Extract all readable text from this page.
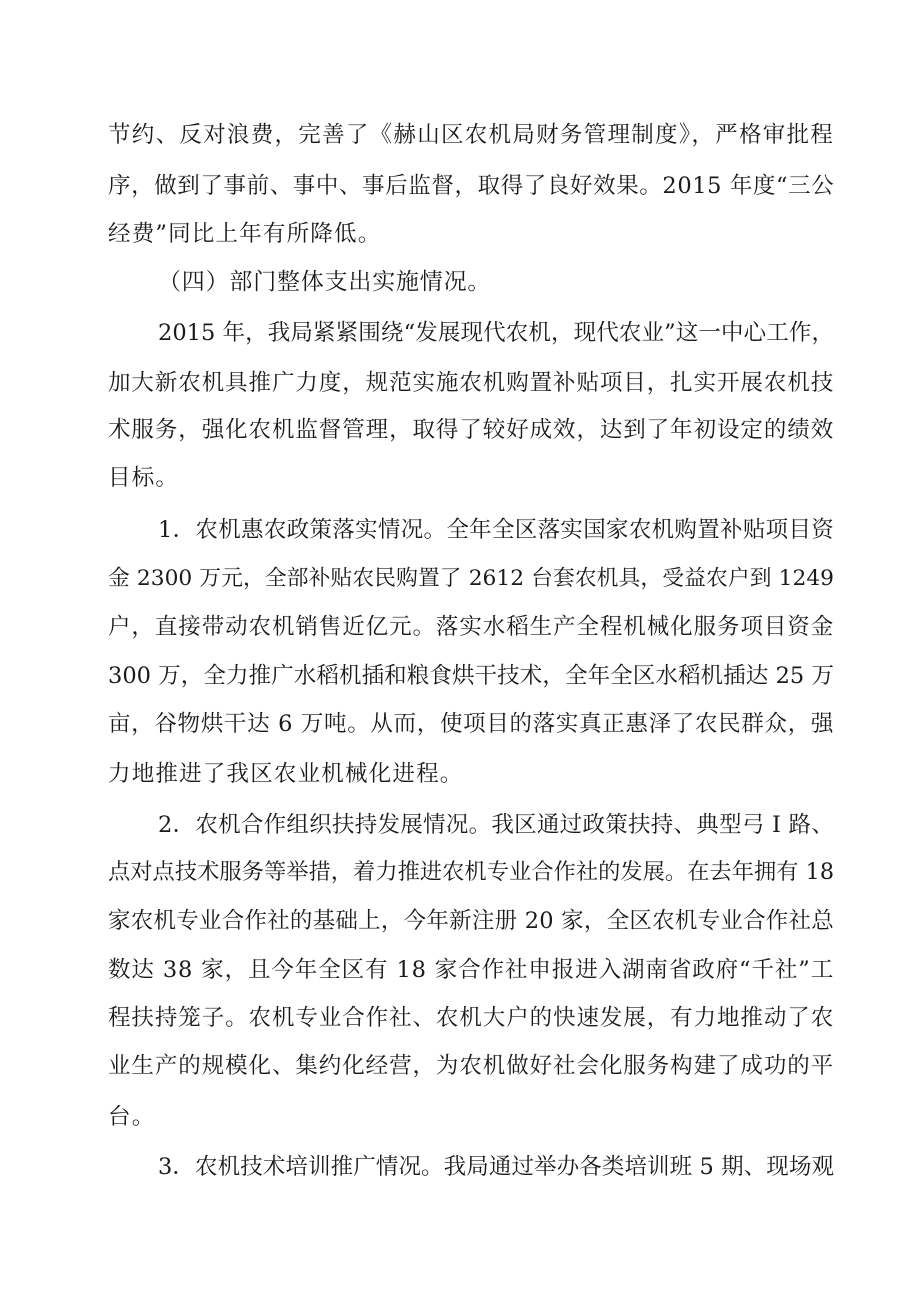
节约、反对浪费，完善了《赫山区农机局财务管理制度》，严格审批程
序，做到了事前、事中、事后监督，取得了良好效果。2015 年度“三公
经费”同比上年有所降低。
（四）部门整体支出实施情况。
2015 年，我局紧紧围绕“发展现代农机，现代农业”这一中心工作，
加大新农机具推广力度，规范实施农机购置补贴项目，扎实开展农机技
术服务，强化农机监督管理，取得了较好成效，达到了年初设定的绩效
目标。
1．农机惠农政策落实情况。全年全区落实国家农机购置补贴项目资
金 2300 万元，全部补贴农民购置了 2612 台套农机具，受益农户到 1249
户，直接带动农机销售近亿元。落实水稻生产全程机械化服务项目资金
300 万，全力推广水稻机插和粮食烘干技术，全年全区水稻机插达 25 万
亩，谷物烘干达 6 万吨。从而，使项目的落实真正惠泽了农民群众，强
力地推进了我区农业机械化进程。
2．农机合作组织扶持发展情况。我区通过政策扶持、典型弓 I 路、
点对点技术服务等举措，着力推进农机专业合作社的发展。在去年拥有 18
家农机专业合作社的基础上，今年新注册 20 家，全区农机专业合作社总
数达 38 家，且今年全区有 18 家合作社申报进入湖南省政府“千社”工
程扶持笼子。农机专业合作社、农机大户的快速发展，有力地推动了农
业生产的规模化、集约化经营，为农机做好社会化服务构建了成功的平
台。
3．农机技术培训推广情况。我局通过举办各类培训班 5 期、现场观
